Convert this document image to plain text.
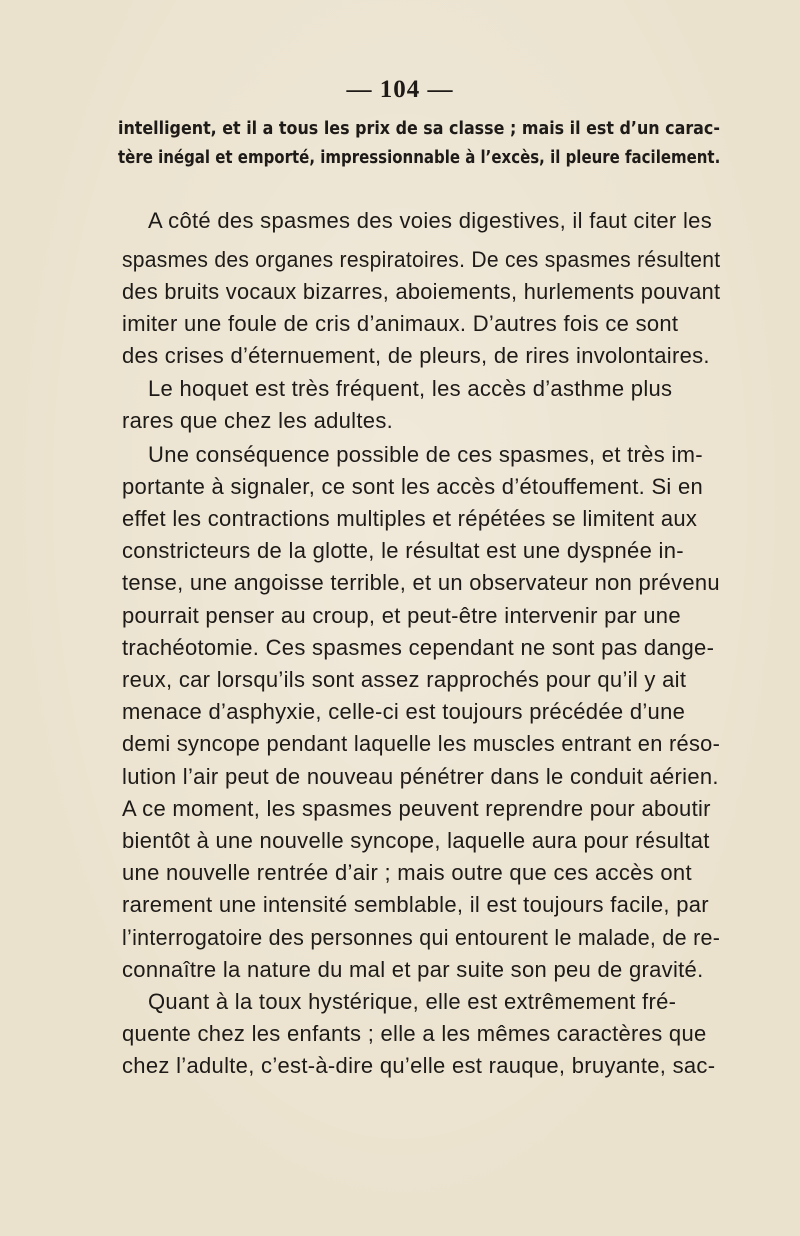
— 104 —
intelligent, et il a tous les prix de sa classe ; mais il est d’un carac-
tère inégal et emporté, impressionnable à l’excès, il pleure facilement.
A côté des spasmes des voies digestives, il faut citer les
spasmes des organes respiratoires. De ces spasmes résultent
des bruits vocaux bizarres, aboiements, hurlements pouvant
imiter une foule de cris d’animaux. D’autres fois ce sont
des crises d’éternuement, de pleurs, de rires involontaires.
Le hoquet est très fréquent, les accès d’asthme plus
rares que chez les adultes.
Une conséquence possible de ces spasmes, et très im-
portante à signaler, ce sont les accès d’étouffement. Si en
effet les contractions multiples et répétées se limitent aux
constricteurs de la glotte, le résultat est une dyspnée in-
tense, une angoisse terrible, et un observateur non prévenu
pourrait penser au croup, et peut-être intervenir par une
trachéotomie. Ces spasmes cependant ne sont pas dange-
reux, car lorsqu’ils sont assez rapprochés pour qu’il y ait
menace d’asphyxie, celle-ci est toujours précédée d’une
demi syncope pendant laquelle les muscles entrant en réso-
lution l’air peut de nouveau pénétrer dans le conduit aérien.
A ce moment, les spasmes peuvent reprendre pour aboutir
bientôt à une nouvelle syncope, laquelle aura pour résultat
une nouvelle rentrée d’air ; mais outre que ces accès ont
rarement une intensité semblable, il est toujours facile, par
l’interrogatoire des personnes qui entourent le malade, de re-
connaître la nature du mal et par suite son peu de gravité.
Quant à la toux hystérique, elle est extrêmement fré-
quente chez les enfants ; elle a les mêmes caractères que
chez l’adulte, c’est-à-dire qu’elle est rauque, bruyante, sac-
